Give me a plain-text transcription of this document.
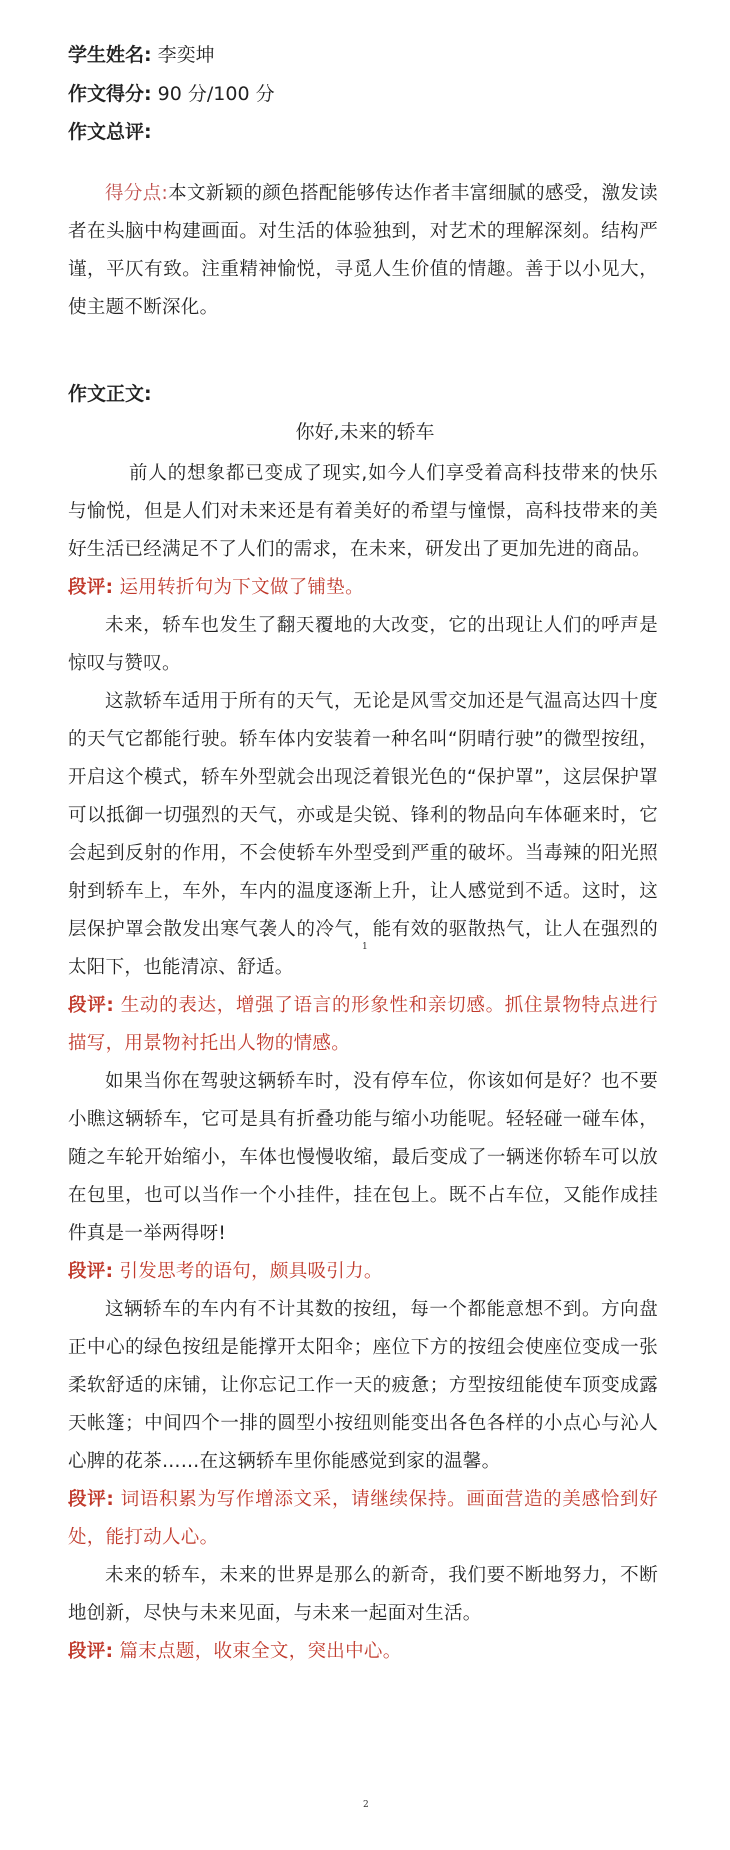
学生姓名: 李奕坤
作文得分: 90 分/100 分
作文总评:

得分点:本文新颖的颜色搭配能够传达作者丰富细腻的感受，激发读者在头脑中构建画面。对生活的体验独到，对艺术的理解深刻。结构严谨，平仄有致。注重精神愉悦，寻觅人生价值的情趣。善于以小见大，使主题不断深化。

作文正文:
你好,未来的轿车

前人的想象都已变成了现实,如今人们享受着高科技带来的快乐与愉悦，但是人们对未来还是有着美好的希望与憧憬，高科技带来的美好生活已经满足不了人们的需求，在未来，研发出了更加先进的商品。

段评: 运用转折句为下文做了铺垫。

未来，轿车也发生了翻天覆地的大改变，它的出现让人们的呼声是惊叹与赞叹。

这款轿车适用于所有的天气，无论是风雪交加还是气温高达四十度的天气它都能行驶。轿车体内安装着一种名叫“阴晴行驶”的微型按纽，开启这个模式，轿车外型就会出现泛着银光色的“保护罩”，这层保护罩可以抵御一切强烈的天气，亦或是尖锐、锋利的物品向车体砸来时，它会起到反射的作用，不会使轿车外型受到严重的破坏。当毒辣的阳光照射到轿车上，车外，车内的温度逐渐上升，让人感觉到不适。这时，这层保护罩会散发出寒气袭人的冷气，能有效的驱散热气，让人在强烈的太阳下，也能清凉、舒适。

段评: 生动的表达，增强了语言的形象性和亲切感。抓住景物特点进行描写，用景物衬托出人物的情感。

如果当你在驾驶这辆轿车时，没有停车位，你该如何是好？也不要小瞧这辆轿车，它可是具有折叠功能与缩小功能呢。轻轻碰一碰车体，随之车轮开始缩小，车体也慢慢收缩，最后变成了一辆迷你轿车可以放在包里，也可以当作一个小挂件，挂在包上。既不占车位，又能作成挂件真是一举两得呀!

段评: 引发思考的语句，颇具吸引力。

这辆轿车的车内有不计其数的按纽，每一个都能意想不到。方向盘正中心的绿色按纽是能撑开太阳伞；座位下方的按纽会使座位变成一张柔软舒适的床铺，让你忘记工作一天的疲惫；方型按纽能使车顶变成露天帐篷；中间四个一排的圆型小按纽则能变出各色各样的小点心与沁人心脾的花茶……在这辆轿车里你能感觉到家的温馨。

段评: 词语积累为写作增添文采，请继续保持。画面营造的美感恰到好处，能打动人心。

未来的轿车，未来的世界是那么的新奇，我们要不断地努力，不断地创新，尽快与未来见面，与未来一起面对生活。

段评: 篇末点题，收束全文，突出中心。

1
2
